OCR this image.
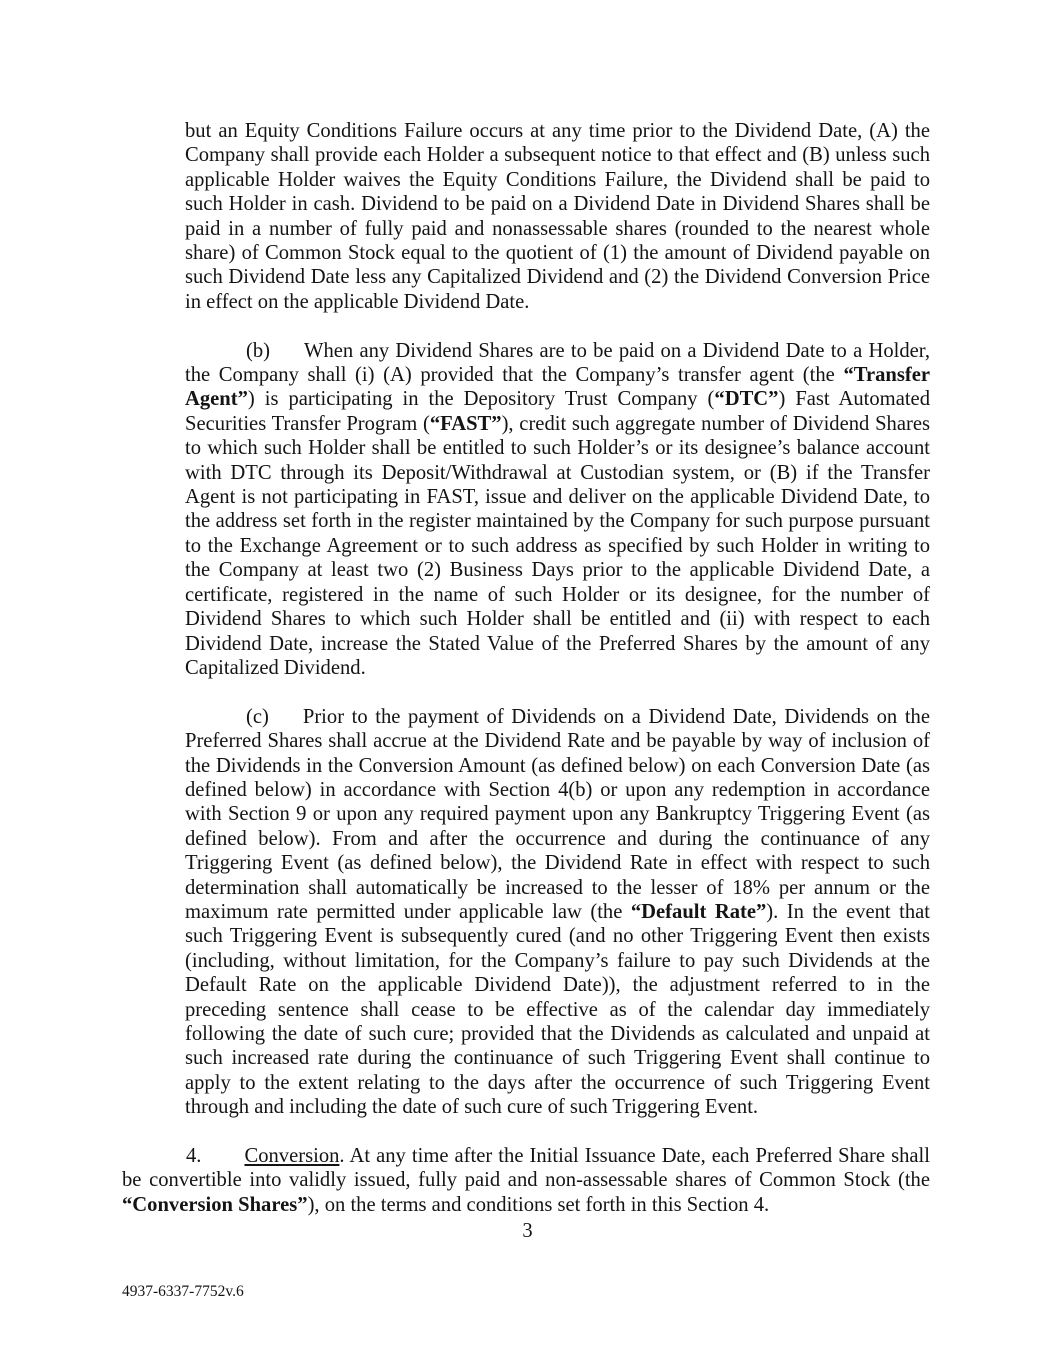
but an Equity Conditions Failure occurs at any time prior to the Dividend Date, (A) the Company shall provide each Holder a subsequent notice to that effect and (B) unless such applicable Holder waives the Equity Conditions Failure, the Dividend shall be paid to such Holder in cash. Dividend to be paid on a Dividend Date in Dividend Shares shall be paid in a number of fully paid and nonassessable shares (rounded to the nearest whole share) of Common Stock equal to the quotient of (1) the amount of Dividend payable on such Dividend Date less any Capitalized Dividend and (2) the Dividend Conversion Price in effect on the applicable Dividend Date.

(b) When any Dividend Shares are to be paid on a Dividend Date to a Holder, the Company shall (i) (A) provided that the Company’s transfer agent (the “Transfer Agent”) is participating in the Depository Trust Company (“DTC”) Fast Automated Securities Transfer Program (“FAST”), credit such aggregate number of Dividend Shares to which such Holder shall be entitled to such Holder’s or its designee’s balance account with DTC through its Deposit/Withdrawal at Custodian system, or (B) if the Transfer Agent is not participating in FAST, issue and deliver on the applicable Dividend Date, to the address set forth in the register maintained by the Company for such purpose pursuant to the Exchange Agreement or to such address as specified by such Holder in writing to the Company at least two (2) Business Days prior to the applicable Dividend Date, a certificate, registered in the name of such Holder or its designee, for the number of Dividend Shares to which such Holder shall be entitled and (ii) with respect to each Dividend Date, increase the Stated Value of the Preferred Shares by the amount of any Capitalized Dividend.

(c) Prior to the payment of Dividends on a Dividend Date, Dividends on the Preferred Shares shall accrue at the Dividend Rate and be payable by way of inclusion of the Dividends in the Conversion Amount (as defined below) on each Conversion Date (as defined below) in accordance with Section 4(b) or upon any redemption in accordance with Section 9 or upon any required payment upon any Bankruptcy Triggering Event (as defined below). From and after the occurrence and during the continuance of any Triggering Event (as defined below), the Dividend Rate in effect with respect to such determination shall automatically be increased to the lesser of 18% per annum or the maximum rate permitted under applicable law (the “Default Rate”). In the event that such Triggering Event is subsequently cured (and no other Triggering Event then exists (including, without limitation, for the Company’s failure to pay such Dividends at the Default Rate on the applicable Dividend Date)), the adjustment referred to in the preceding sentence shall cease to be effective as of the calendar day immediately following the date of such cure; provided that the Dividends as calculated and unpaid at such increased rate during the continuance of such Triggering Event shall continue to apply to the extent relating to the days after the occurrence of such Triggering Event through and including the date of such cure of such Triggering Event.

4. Conversion. At any time after the Initial Issuance Date, each Preferred Share shall be convertible into validly issued, fully paid and non-assessable shares of Common Stock (the “Conversion Shares”), on the terms and conditions set forth in this Section 4.

3
4937-6337-7752v.6
